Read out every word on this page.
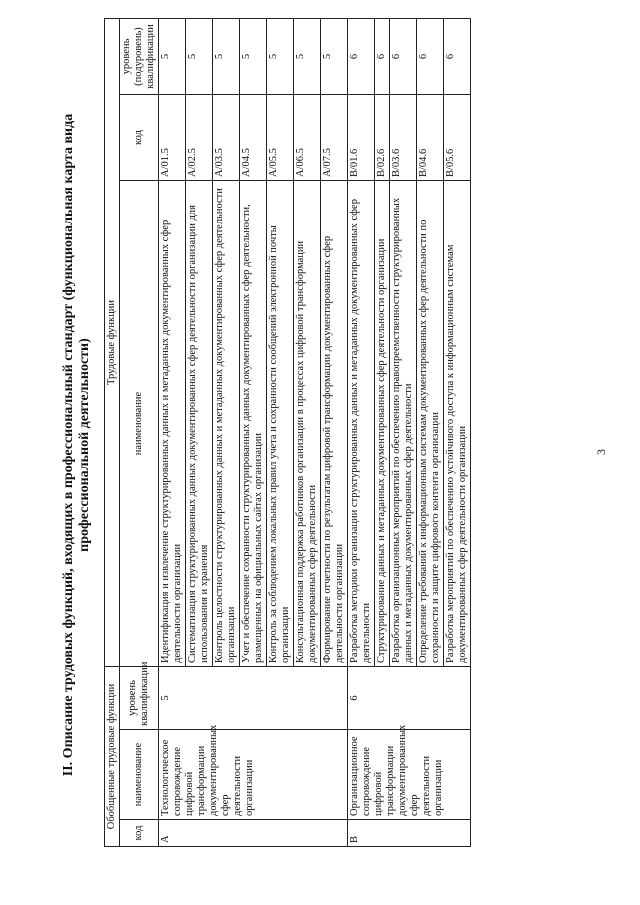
3
II. Описание трудовых функций, входящих в профессиональный стандарт (функциональная карта вида профессиональной деятельности)
Обобщенные трудовые функции			Трудовые функции		
код	наименование	уровень квалификации	наименование	код	уровень (подуровень) квалификации
А	Технологическое сопровождение цифровой трансформации документированных сфер деятельности организации	5	Идентификация и извлечение структурированных данных и метаданных документированных сфер деятельности организации	A/01.5	5
			Систематизация структурированных данных документированных сфер деятельности организации для использования и хранения	A/02.5	5
			Контроль целостности структурированных данных и метаданных документированных сфер деятельности организации	A/03.5	5
			Учет и обеспечение сохранности структурированных данных документированных сфер деятельности, размещенных на официальных сайтах организации	A/04.5	5
			Контроль за соблюдением локальных правил учета и сохранности сообщений электронной почты организации	A/05.5	5
			Консультационная поддержка работников организации в процессах цифровой трансформации документированных сфер деятельности	A/06.5	5
			Формирование отчетности по результатам цифровой трансформации документированных сфер деятельности организации	A/07.5	5
В	Организационное сопровождение цифровой трансформации документированных сфер деятельности организации	6	Разработка методики организации структурированных данных и метаданных документированных сфер деятельности	B/01.6	6
			Структурирование данных и метаданных документированных сфер деятельности организации	B/02.6	6
			Разработка организационных мероприятий по обеспечению правопреемственности структурированных данных и метаданных документированных сфер деятельности	B/03.6	6
			Определение требований к информационным системам документированных сфер деятельности по сохранности и защите цифрового контента организации	B/04.6	6
			Разработка мероприятий по обеспечению устойчивого доступа к информационным системам документированных сфер деятельности организации	B/05.6	6
